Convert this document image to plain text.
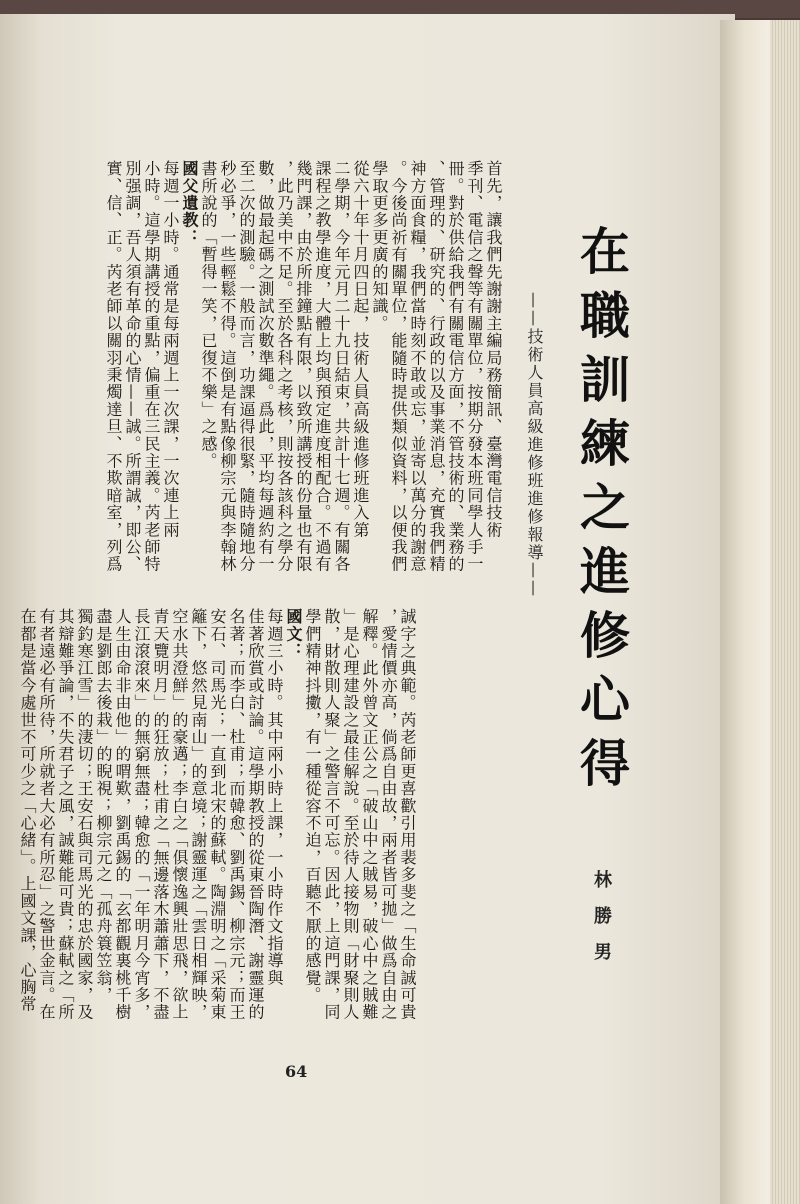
在職訓練之進修心得
——技術人員高級進修班進修報導——
林勝男
首先，讓我們先謝謝主編局務簡訊、臺灣電信技術
季刊、電信之聲等有關單位，按期分發本班同學人手一
冊。對於供給我們有關電信方面，不管技術的、業務的
、管理的、研究的、行政的以及事業消息，充實我們精
神方面食糧，我們當時刻不敢或忘，並寄以萬分的謝意
。今後尚祈有關單位，能隨時提供類似資料，以便我們
學取更多更廣的知識。
從六十年十月四日起，技術人員高級進修班進入第
二學期，今年元月二十九日結束，共計十七週。有關各
課程之教學進度，大體上均與預定進度相配合。不過有
幾門課，由於所排鐘點有限，以致所講授的份量也有限
，此乃美中不足。至於各科之考核，則按各該科之學分
數，做最起碼之測試次數準繩。爲此，平均每週約有一
至二次的測驗。一般而言，功課逼得很緊，隨時隨地分
秒必爭，一些輕鬆不得。這倒是有點像柳宗元與李翰林
書所說的「暫得一笑，已復不樂」之感。
國父遺教：
每週一小時。通常是每兩週上一次課，一次連上兩
小時。這學期講授的重點，偏重在三民主義。芮老師特
別强調，吾人須有革命的心情——誠。所謂誠，即公、
實、信、正。芮老師以關羽秉燭達旦、不欺暗室，列爲
誠字之典範。芮老師更喜歡引用裴多斐之「生命誠可貴
，愛情價亦高，倘爲自由故，兩者皆可拋」做爲自由之
解釋。此外曾文正公之「破山中之賊易，破心中之賊難
」是心理建設之最佳解說。至於待人接物則「財聚則人
散，財散則人聚」之警言不可忘。因此，上這門課，同
學們精神抖擻，有一種從容不迫，百聽不厭的感覺。
國文：
每週三小時。其中兩小時上課，一小時作文指導與
佳著欣賞或討論。這學期教授的從東晉陶潛、謝靈運的
名著；而李白、杜甫；而韓愈、劉禹錫、柳宗元；而王
安石、司馬光；一直到北宋的蘇軾。陶淵明之「采菊東
籬下，悠然見南山」的意境；謝靈運之「雲日相輝映，
空水共澄鮮」的豪邁；李白之「俱懷逸興壯思飛，欲上
青天覽明月」的狂放；杜甫之「無邊落木蕭蕭下，不盡
長江滾滾來」的無窮無盡；韓愈的「一年明月今宵多，
人生由命非由他」的喟歎，劉禹錫的「玄都觀裏桃千樹
盡是劉郎去後栽」的睨視；柳宗元之「孤舟簑笠翁，
獨釣寒江雪」的淒切；王安石與司馬光的忠於國家，及
其辯難爭論，不失君子之風，誠難能可貴；蘇軾之「所
有者遠必有所待，所就者大必有所忍」之警世金言。在
在都是當今處世不可少之「心緒」。上國文課，心胸常
64
